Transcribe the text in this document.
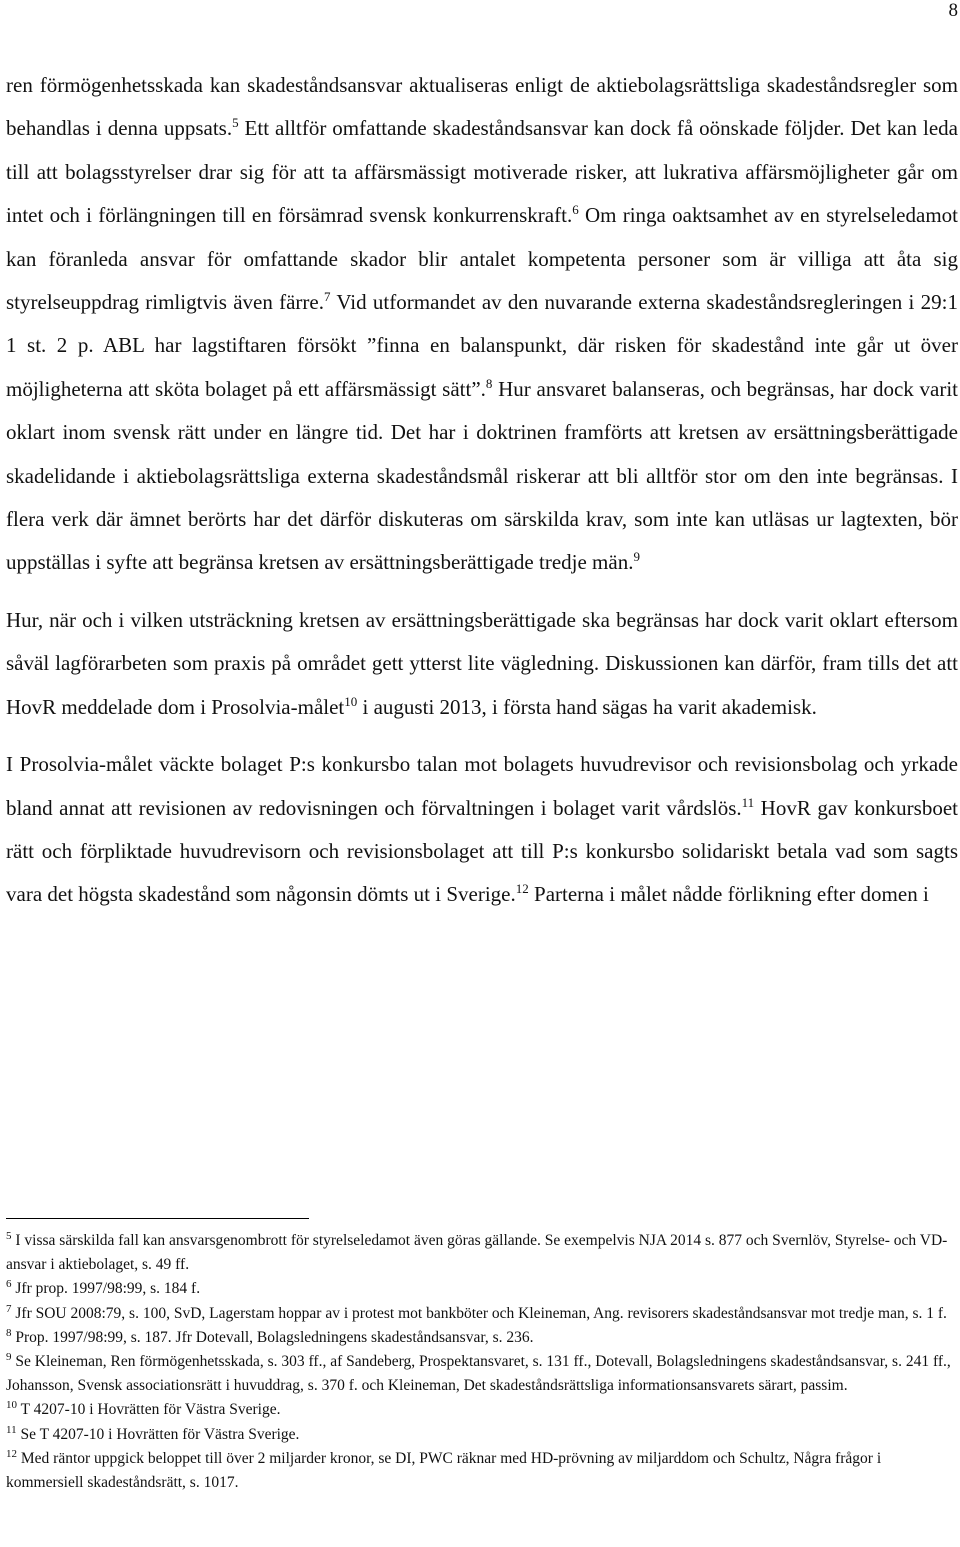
8

ren förmögenhetsskada kan skadeståndsansvar aktualiseras enligt de aktiebolagsrättsliga skadeståndsregler som behandlas i denna uppsats.$^5$ Ett alltför omfattande skadeståndsansvar kan dock få oönskade följder. Det kan leda till att bolagsstyrelser drar sig för att ta affärsmässigt motiverade risker, att lukrativa affärsmöjligheter går om intet och i förlängningen till en försämrad svensk konkurrenskraft.$^6$ Om ringa oaktsamhet av en styrelseledamot kan föranleda ansvar för omfattande skador blir antalet kompetenta personer som är villiga att åta sig styrelseuppdrag rimligtvis även färre.$^7$ Vid utformandet av den nuvarande externa skadeståndsregleringen i 29:1 1 st. 2 p. ABL har lagstiftaren försökt ”finna en balanspunkt, där risken för skadestånd inte går ut över möjligheterna att sköta bolaget på ett affärsmässigt sätt”.$^8$ Hur ansvaret balanseras, och begränsas, har dock varit oklart inom svensk rätt under en längre tid. Det har i doktrinen framförts att kretsen av ersättningsberättigade skadelidande i aktiebolagsrättsliga externa skadeståndsmål riskerar att bli alltför stor om den inte begränsas. I flera verk där ämnet berörts har det därför diskuteras om särskilda krav, som inte kan utläsas ur lagtexten, bör uppställas i syfte att begränsa kretsen av ersättningsberättigade tredje män.$^9$

Hur, när och i vilken utsträckning kretsen av ersättningsberättigade ska begränsas har dock varit oklart eftersom såväl lagförarbeten som praxis på området gett ytterst lite vägledning. Diskussionen kan därför, fram tills det att HovR meddelade dom i Prosolvia-målet$^{10}$ i augusti 2013, i första hand sägas ha varit akademisk.

I Prosolvia-målet väckte bolaget P:s konkursbo talan mot bolagets huvudrevisor och revisionsbolag och yrkade bland annat att revisionen av redovisningen och förvaltningen i bolaget varit vårdslös.$^{11}$ HovR gav konkursboet rätt och förpliktade huvudrevisorn och revisionsbolaget att till P:s konkursbo solidariskt betala vad som sagts vara det högsta skadestånd som någonsin dömts ut i Sverige.$^{12}$ Parterna i målet nådde förlikning efter domen i

$^5$ I vissa särskilda fall kan ansvarsgenombrott för styrelseledamot även göras gällande. Se exempelvis NJA 2014 s. 877 och Svernlöv, Styrelse- och VD-ansvar i aktiebolaget, s. 49 ff.

$^6$ Jfr prop. 1997/98:99, s. 184 f.

$^7$ Jfr SOU 2008:79, s. 100, SvD, Lagerstam hoppar av i protest mot bankböter och Kleineman, Ang. revisorers skadeståndsansvar mot tredje man, s. 1 f.

$^8$ Prop. 1997/98:99, s. 187. Jfr Dotevall, Bolagsledningens skadeståndsansvar, s. 236.

$^9$ Se Kleineman, Ren förmögenhetsskada, s. 303 ff., af Sandeberg, Prospektansvaret, s. 131 ff., Dotevall, Bolagsledningens skadeståndsansvar, s. 241 ff., Johansson, Svensk associationsrätt i huvuddrag, s. 370 f. och Kleineman, Det skadeståndsrättsliga informationsansvarets särart, passim.

$^{10}$ T 4207-10 i Hovrätten för Västra Sverige.

$^{11}$ Se T 4207-10 i Hovrätten för Västra Sverige.

$^{12}$ Med räntor uppgick beloppet till över 2 miljarder kronor, se DI, PWC räknar med HD-prövning av miljarddom och Schultz, Några frågor i kommersiell skadeståndsrätt, s. 1017.
